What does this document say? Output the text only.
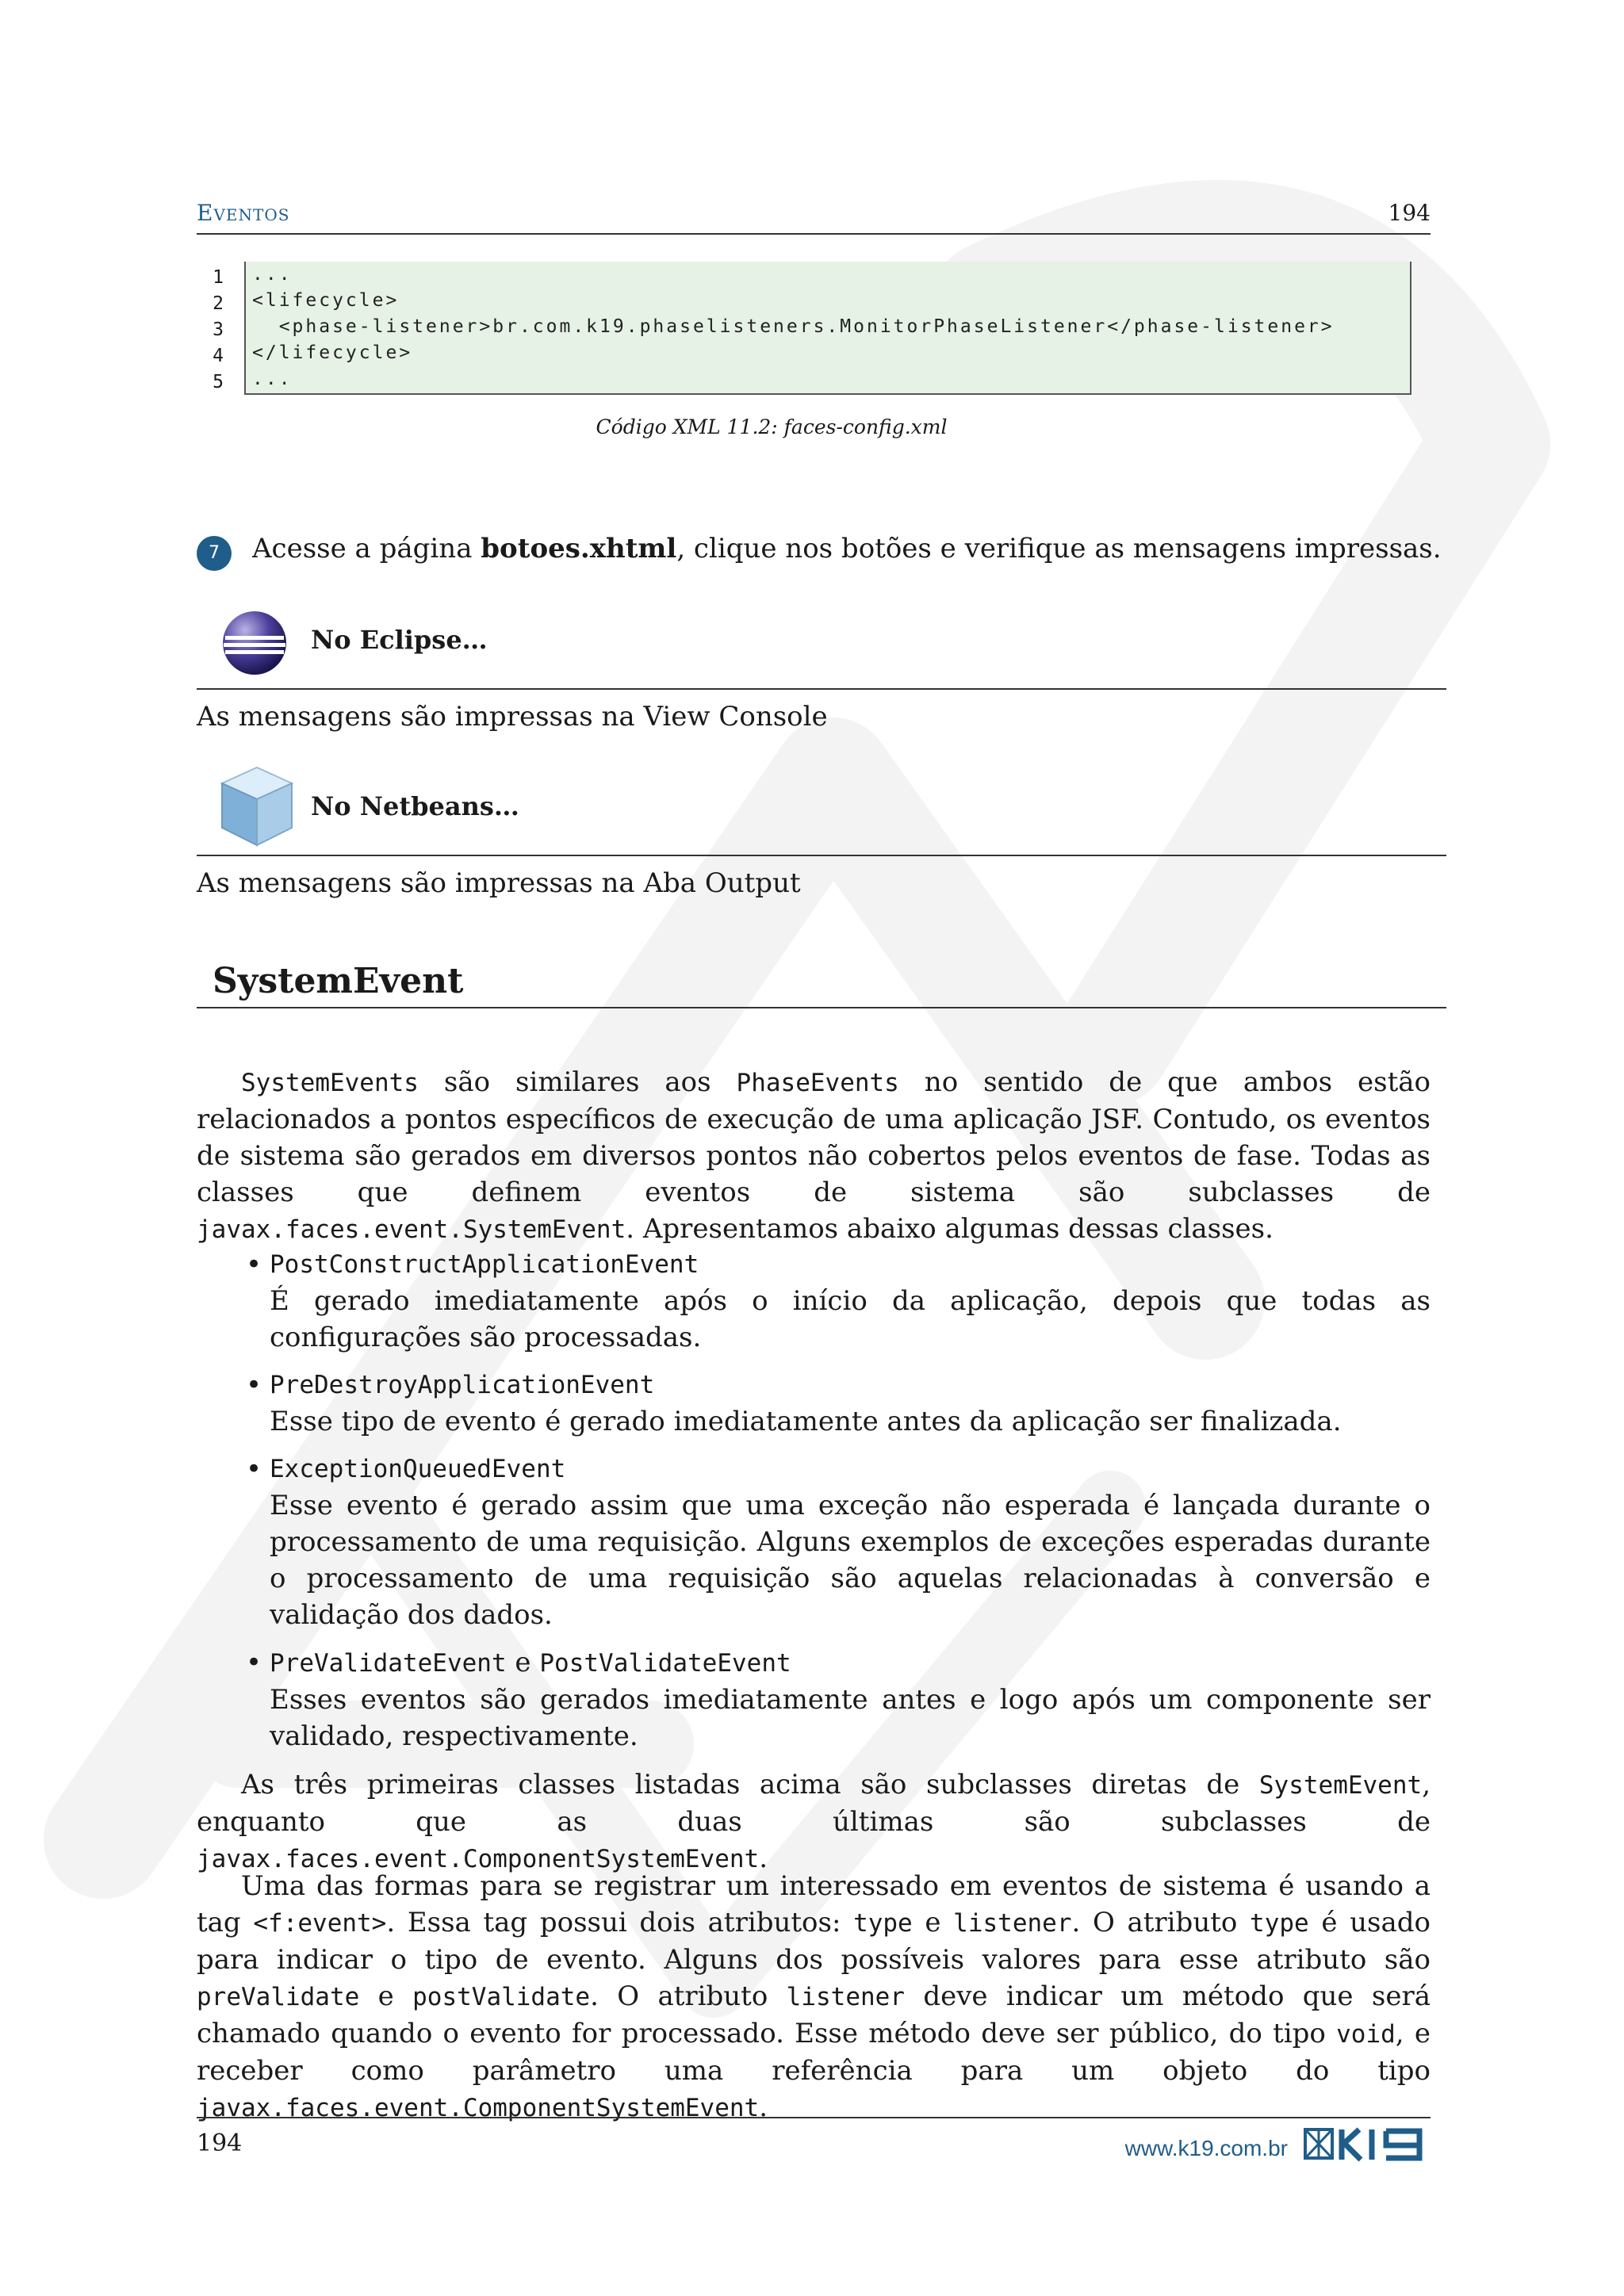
Eventos	194
1
2
3
4
5
...
<lifecycle>
<phase-listener>br.com.k19.phaselisteners.MonitorPhaseListener</phase-listener>
</lifecycle>
...
Código XML 11.2: faces-config.xml
7	Acesse a página botoes.xhtml, clique nos botões e verifique as mensagens impressas.
No Eclipse…
As mensagens são impressas na View Console
No Netbeans…
As mensagens são impressas na Aba Output
SystemEvent
SystemEvents são similares aos PhaseEvents no sentido de que ambos estão relacionados a pontos específicos de execução de uma aplicação JSF. Contudo, os eventos de sistema são gerados em diversos pontos não cobertos pelos eventos de fase. Todas as classes que definem eventos de sistema são subclasses de javax.faces.event.SystemEvent. Apresentamos abaixo algumas dessas classes.
• PostConstructApplicationEvent
É gerado imediatamente após o início da aplicação, depois que todas as configurações são processadas.
• PreDestroyApplicationEvent
Esse tipo de evento é gerado imediatamente antes da aplicação ser finalizada.
• ExceptionQueuedEvent
Esse evento é gerado assim que uma exceção não esperada é lançada durante o processamento de uma requisição. Alguns exemplos de exceções esperadas durante o processamento de uma requisição são aquelas relacionadas à conversão e validação dos dados.
• PreValidateEvent e PostValidateEvent
Esses eventos são gerados imediatamente antes e logo após um componente ser validado, respectivamente.
As três primeiras classes listadas acima são subclasses diretas de SystemEvent, enquanto que as duas últimas são subclasses de javax.faces.event.ComponentSystemEvent.
Uma das formas para se registrar um interessado em eventos de sistema é usando a tag <f:event>. Essa tag possui dois atributos: type e listener. O atributo type é usado para indicar o tipo de evento. Alguns dos possíveis valores para esse atributo são preValidate e postValidate. O atributo listener deve indicar um método que será chamado quando o evento for processado. Esse método deve ser público, do tipo void, e receber como parâmetro uma referência para um objeto do tipo javax.faces.event.ComponentSystemEvent.
194	www.k19.com.br
